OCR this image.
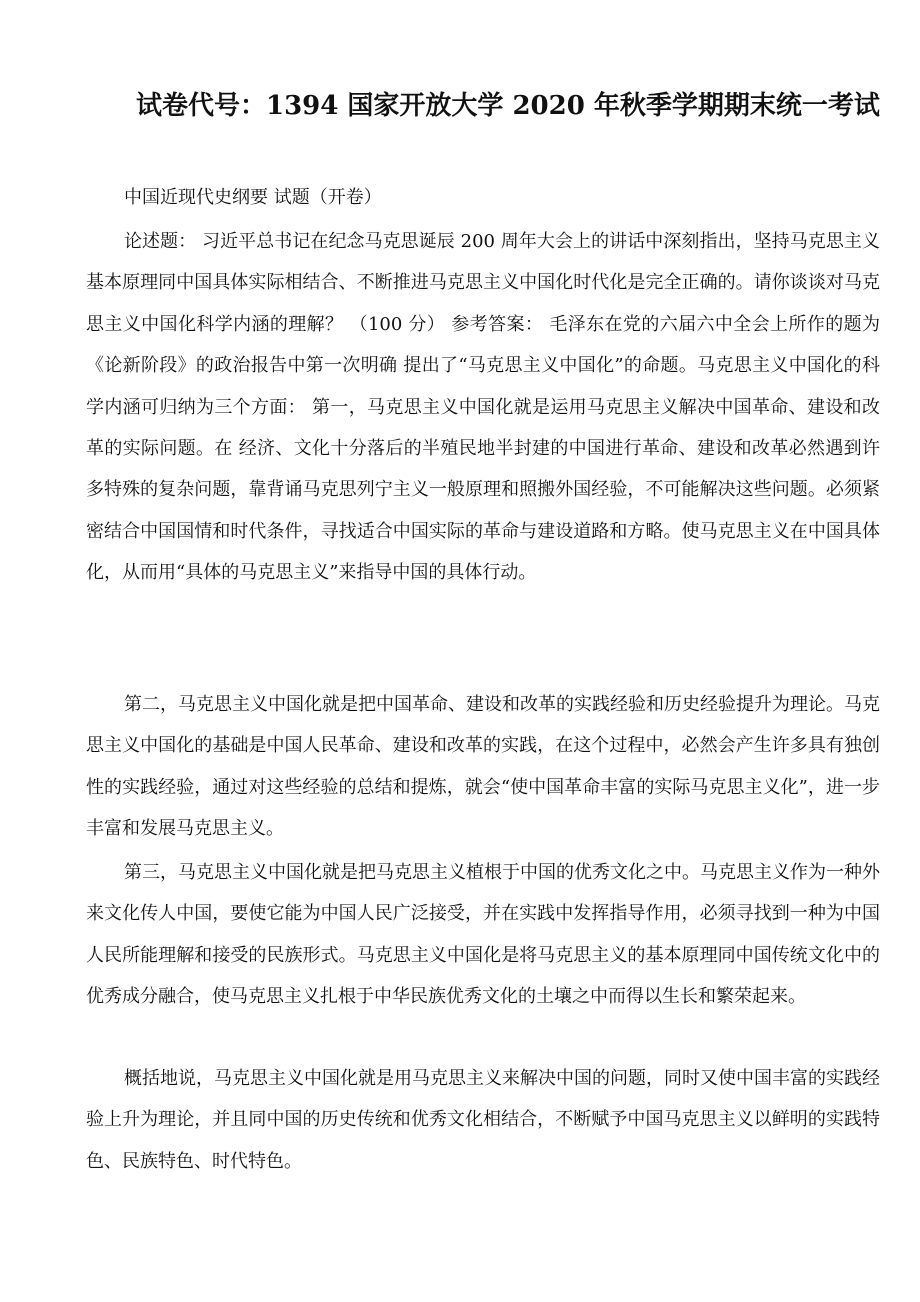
试卷代号：1394 国家开放大学 2020 年秋季学期期末统一考试
中国近现代史纲要 试题（开卷）

论述题： 习近平总书记在纪念马克思诞辰 200 周年大会上的讲话中深刻指出，坚持马克思主义基本原理同中国具体实际相结合、不断推进马克思主义中国化时代化是完全正确的。请你谈谈对马克思主义中国化科学内涵的理解？ （100 分） 参考答案： 毛泽东在党的六届六中全会上所作的题为《论新阶段》的政治报告中第一次明确 提出了“马克思主义中国化”的命题。马克思主义中国化的科学内涵可归纳为三个方面： 第一，马克思主义中国化就是运用马克思主义解决中国革命、建设和改革的实际问题。在 经济、文化十分落后的半殖民地半封建的中国进行革命、建设和改革必然遇到许多特殊的复杂问题，靠背诵马克思列宁主义一般原理和照搬外国经验，不可能解决这些问题。必须紧密结合中国国情和时代条件，寻找适合中国实际的革命与建设道路和方略。使马克思主义在中国具体化，从而用“具体的马克思主义”来指导中国的具体行动。

第二，马克思主义中国化就是把中国革命、建设和改革的实践经验和历史经验提升为理论。马克思主义中国化的基础是中国人民革命、建设和改革的实践，在这个过程中，必然会产生许多具有独创性的实践经验，通过对这些经验的总结和提炼，就会“使中国革命丰富的实际马克思主义化”，进一步丰富和发展马克思主义。

第三，马克思主义中国化就是把马克思主义植根于中国的优秀文化之中。马克思主义作为一种外来文化传人中国，要使它能为中国人民广泛接受，并在实践中发挥指导作用，必须寻找到一种为中国人民所能理解和接受的民族形式。马克思主义中国化是将马克思主义的基本原理同中国传统文化中的优秀成分融合，使马克思主义扎根于中华民族优秀文化的土壤之中而得以生长和繁荣起来。

概括地说，马克思主义中国化就是用马克思主义来解决中国的问题，同时又使中国丰富的实践经验上升为理论，并且同中国的历史传统和优秀文化相结合，不断赋予中国马克思主义以鲜明的实践特色、民族特色、时代特色。
